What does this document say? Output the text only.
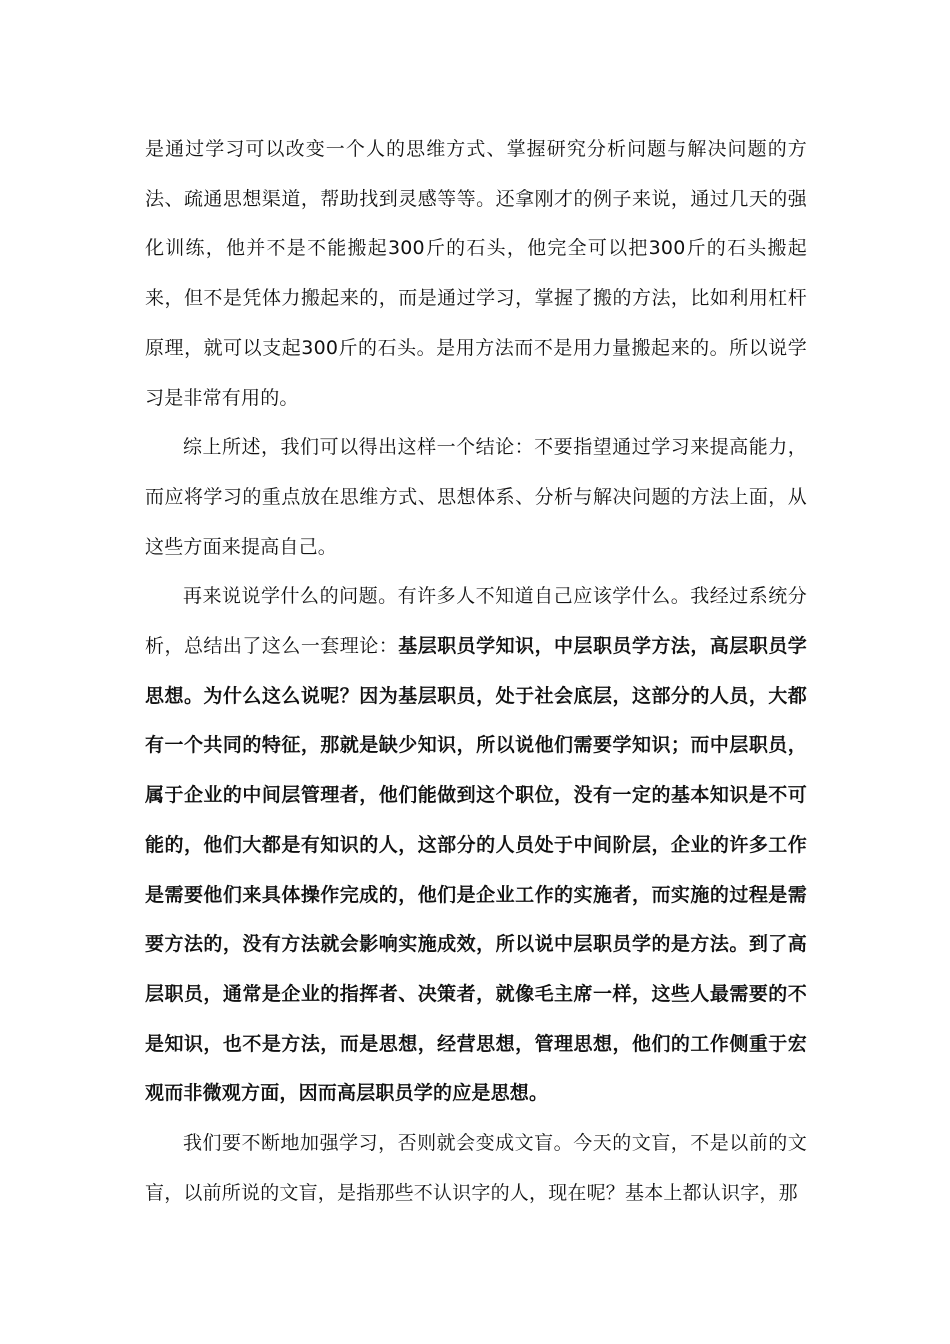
是通过学习可以改变一个人的思维方式、掌握研究分析问题与解决问题的方法、疏通思想渠道，帮助找到灵感等等。还拿刚才的例子来说，通过几天的强化训练，他并不是不能搬起300斤的石头，他完全可以把300斤的石头搬起来，但不是凭体力搬起来的，而是通过学习，掌握了搬的方法，比如利用杠杆原理，就可以支起300斤的石头。是用方法而不是用力量搬起来的。所以说学习是非常有用的。

综上所述，我们可以得出这样一个结论：不要指望通过学习来提高能力，而应将学习的重点放在思维方式、思想体系、分析与解决问题的方法上面，从这些方面来提高自己。

再来说说学什么的问题。有许多人不知道自己应该学什么。我经过系统分析，总结出了这么一套理论：基层职员学知识，中层职员学方法，高层职员学思想。为什么这么说呢？因为基层职员，处于社会底层，这部分的人员，大都有一个共同的特征，那就是缺少知识，所以说他们需要学知识；而中层职员，属于企业的中间层管理者，他们能做到这个职位，没有一定的基本知识是不可能的，他们大都是有知识的人，这部分的人员处于中间阶层，企业的许多工作是需要他们来具体操作完成的，他们是企业工作的实施者，而实施的过程是需要方法的，没有方法就会影响实施成效，所以说中层职员学的是方法。到了高层职员，通常是企业的指挥者、决策者，就像毛主席一样，这些人最需要的不是知识，也不是方法，而是思想，经营思想，管理思想，他们的工作侧重于宏观而非微观方面，因而高层职员学的应是思想。

我们要不断地加强学习，否则就会变成文盲。今天的文盲，不是以前的文盲，以前所说的文盲，是指那些不认识字的人，现在呢？基本上都认识字，那
